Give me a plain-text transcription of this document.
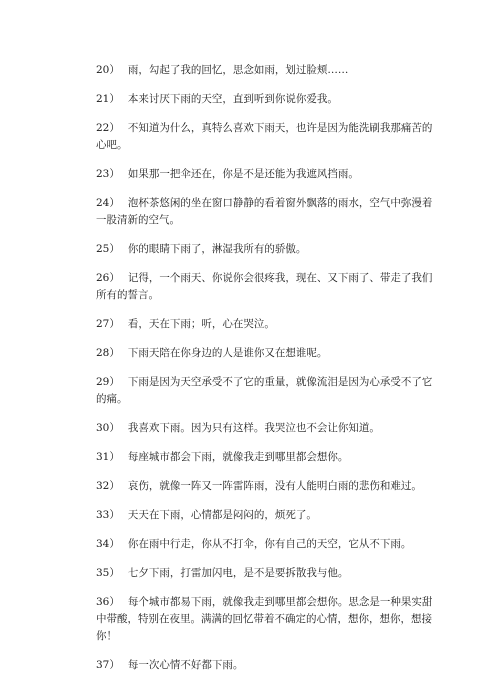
20） 雨，勾起了我的回忆，思念如雨，划过脸颊……

21） 本来讨厌下雨的天空，直到听到你说你爱我。

22） 不知道为什么，真特么喜欢下雨天，也许是因为能洗刷我那痛苦的心吧。

23） 如果那一把伞还在，你是不是还能为我遮风挡雨。

24） 泡杯茶悠闲的坐在窗口静静的看着窗外飘落的雨水，空气中弥漫着一股清新的空气。

25） 你的眼睛下雨了，淋湿我所有的骄傲。

26） 记得，一个雨天、你说你会很疼我，现在、又下雨了、带走了我们所有的誓言。

27） 看，天在下雨；听，心在哭泣。

28） 下雨天陪在你身边的人是谁你又在想谁呢。

29） 下雨是因为天空承受不了它的重量，就像流泪是因为心承受不了它的痛。

30） 我喜欢下雨。因为只有这样。我哭泣也不会让你知道。

31） 每座城市都会下雨，就像我走到哪里都会想你。

32） 哀伤，就像一阵又一阵雷阵雨，没有人能明白雨的悲伤和难过。

33） 天天在下雨，心情都是闷闷的，烦死了。

34） 你在雨中行走，你从不打伞，你有自己的天空，它从不下雨。

35） 七夕下雨，打雷加闪电，是不是要拆散我与他。

36） 每个城市都易下雨，就像我走到哪里都会想你。思念是一种果实甜中带酸，特别在夜里。满满的回忆带着不确定的心情，想你，想你，想接你！

37） 每一次心情不好都下雨。
